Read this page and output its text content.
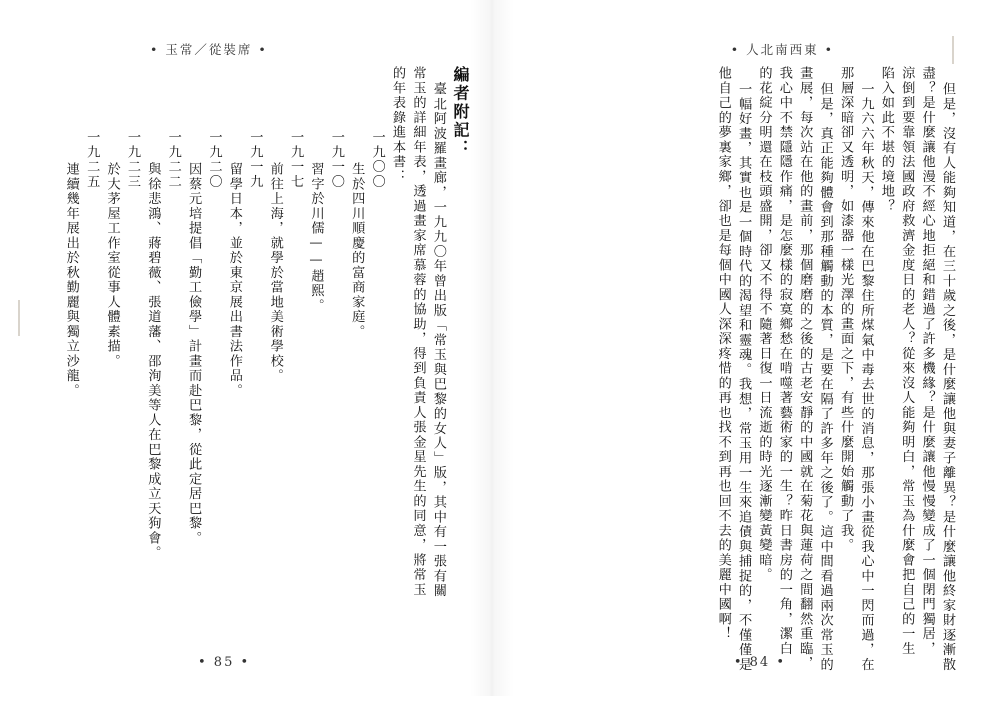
• 玉常／從裝席 •
編者附記：
臺北阿波羅畫廊，一九九〇年曾出版「常玉與巴黎的女人」版，其中有一張有關
常玉的詳細年表，透過畫家席慕蓉的協助，得到負責人張金星先生的同意，將常玉
的年表錄進本書：
一九〇〇
生於四川順慶的富商家庭。
一九一〇
習字於川儒——趙熙。
一九一七
前往上海，就學於當地美術學校。
一九一九
留學日本，並於東京展出書法作品。
一九二〇
因蔡元培提倡「勤工儉學」計畫而赴巴黎，從此定居巴黎。
一九二二
與徐悲鴻、蔣碧薇、張道藩、邵洵美等人在巴黎成立天狗會。
一九二三
於大茅屋工作室從事人體素描。
一九二五
連續幾年展出於秋勤麗與獨立沙龍。
• 85 •
• 人北南西東 •
但是，沒有人能夠知道，在三十歲之後，是什麼讓他與妻子離異？是什麼讓他終家財逐漸散
盡？是什麼讓他漫不經心地拒絕和錯過了許多機緣？是什麼讓他慢慢變成了一個閉門獨居，
涼倒到要靠領法國政府救濟金度日的老人？從來沒人能夠明白，常玉為什麼會把自己的一生
陷入如此不堪的境地？
一九六六年秋天，傳來他在巴黎住所煤氣中毒去世的消息，那張小畫從我心中一閃而過，在
那層深暗卻又透明，如漆器一樣光澤的畫面之下，有些什麼開始觸動了我。
但是，真正能夠體會到那種觸動的本質，是要在隔了許多年之後了。這中間看過兩次常玉的
畫展，每次站在他的畫前，那個磨磨的之後的古老安靜的中國就在菊花與蓮荷之間翻然重臨，
我心中不禁隱隱作痛，是怎麼樣的寂寞鄉愁在啃噬著藝術家的一生？昨日書房的一角，潔白
的花綻分明還在枝頭盛開，卻又不得不隨著日復一日流逝的時光逐漸變黃變暗。
一幅好畫，其實也是一個時代的渴望和靈魂。我想，常玉用一生來追債與捕捉的，不僅僅是
他自己的夢裏家鄉，卻也是每個中國人深深疼惜的再也找不到再也回不去的美麗中國啊！
• 84 •
